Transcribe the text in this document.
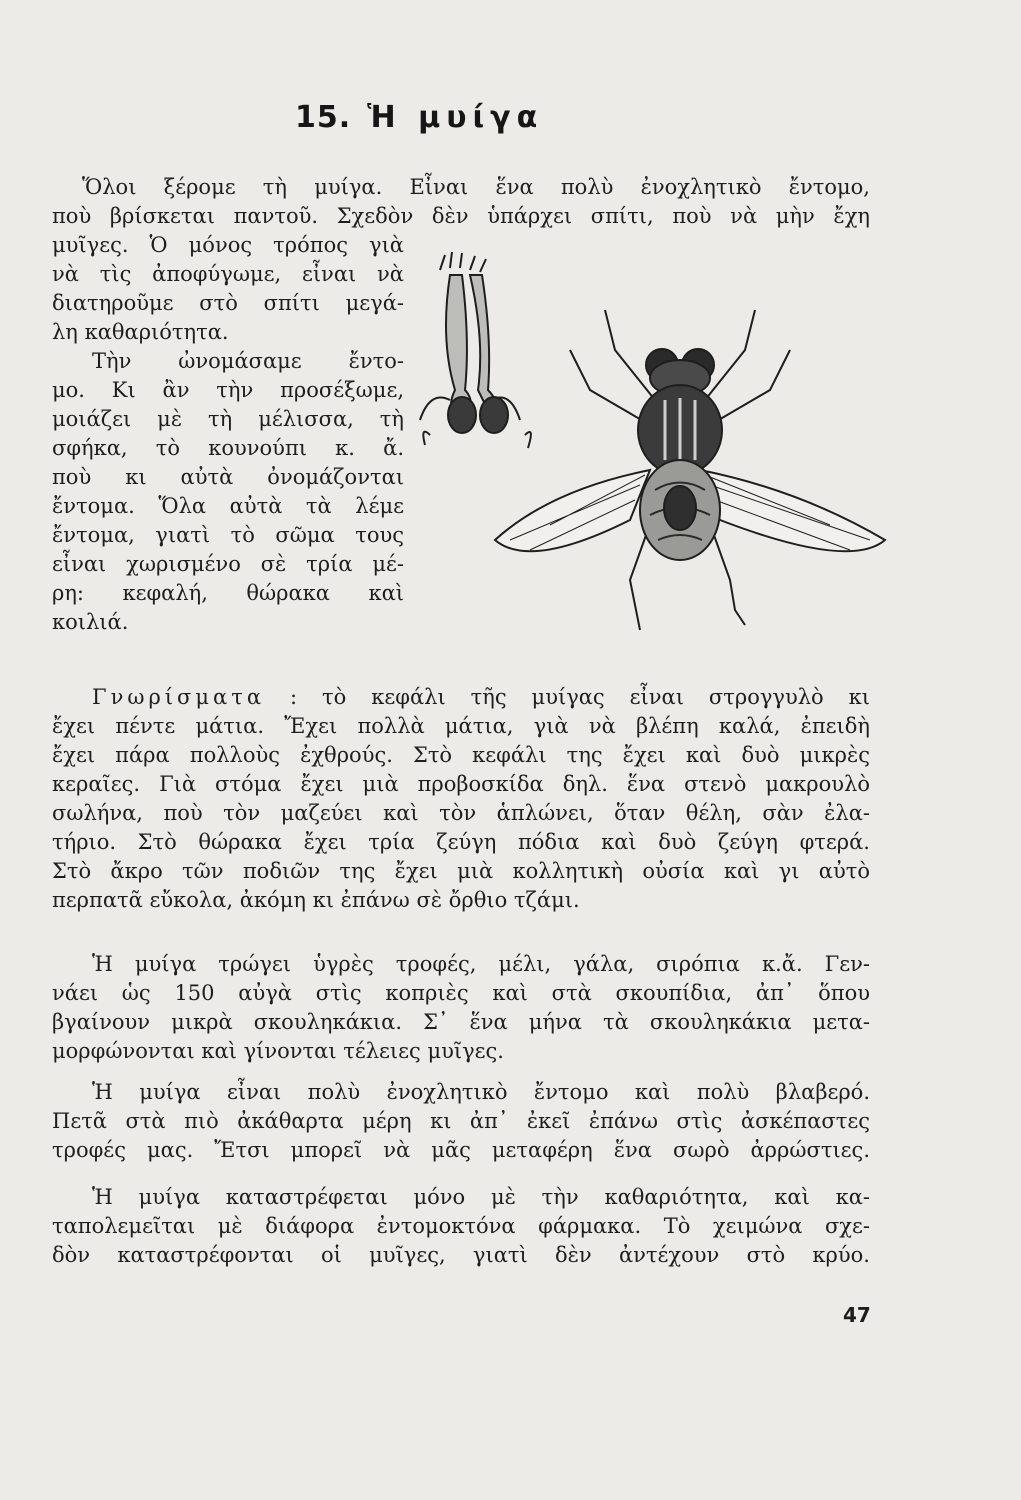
15. Ἡ μυίγα
Ὅλοι ξέρομε τὴ μυίγα. Εἶναι ἕνα πολὺ ἐνοχλητικὸ ἔντομο,
ποὺ βρίσκεται παντοῦ. Σχεδὸν δὲν ὑπάρχει σπίτι, ποὺ νὰ μὴν ἔχη
μυῖγες. Ὁ μόνος τρόπος γιὰ
νὰ τὶς ἀποφύγωμε, εἶναι νὰ
διατηροῦμε στὸ σπίτι μεγά-
λη καθαριότητα.
Τὴν ὠνομάσαμε ἔντο-
μο. Κι ἂν τὴν προσέξωμε,
μοιάζει μὲ τὴ μέλισσα, τὴ
σφήκα, τὸ κουνούπι κ. ἄ.
ποὺ κι αὐτὰ ὀνομάζονται
ἔντομα. Ὅλα αὐτὰ τὰ λέμε
ἔντομα, γιατὶ τὸ σῶμα τους
εἶναι χωρισμένο σὲ τρία μέ-
ρη: κεφαλή, θώρακα καὶ
κοιλιά.
Γνωρίσματα : τὸ κεφάλι τῆς μυίγας εἶναι στρογγυλὸ κι
ἔχει πέντε μάτια. Ἔχει πολλὰ μάτια, γιὰ νὰ βλέπη καλά, ἐπειδὴ
ἔχει πάρα πολλοὺς ἐχθρούς. Στὸ κεφάλι της ἔχει καὶ δυὸ μικρὲς
κεραῖες. Γιὰ στόμα ἔχει μιὰ προβοσκίδα δηλ. ἕνα στενὸ μακρουλὸ
σωλήνα, ποὺ τὸν μαζεύει καὶ τὸν ἁπλώνει, ὅταν θέλη, σὰν ἐλα-
τήριο. Στὸ θώρακα ἔχει τρία ζεύγη πόδια καὶ δυὸ ζεύγη φτερά.
Στὸ ἄκρο τῶν ποδιῶν της ἔχει μιὰ κολλητικὴ οὐσία καὶ γι αὐτὸ
περπατᾶ εὔκολα, ἀκόμη κι ἐπάνω σὲ ὄρθιο τζάμι.
Ἡ μυίγα τρώγει ὑγρὲς τροφές, μέλι, γάλα, σιρόπια κ.ἄ. Γεν-
νάει ὡς 150 αὐγὰ στὶς κοπριὲς καὶ στὰ σκουπίδια, ἀπ᾽ ὅπου
βγαίνουν μικρὰ σκουληκάκια. Σ᾽ ἕνα μήνα τὰ σκουληκάκια μετα-
μορφώνονται καὶ γίνονται τέλειες μυῖγες.
Ἡ μυίγα εἶναι πολὺ ἐνοχλητικὸ ἔντομο καὶ πολὺ βλαβερό.
Πετᾶ στὰ πιὸ ἀκάθαρτα μέρη κι ἀπ᾽ ἐκεῖ ἐπάνω στὶς ἀσκέπαστες
τροφές μας. Ἔτσι μπορεῖ νὰ μᾶς μεταφέρη ἕνα σωρὸ ἀρρώστιες.
Ἡ μυίγα καταστρέφεται μόνο μὲ τὴν καθαριότητα, καὶ κα-
ταπολεμεῖται μὲ διάφορα ἐντομοκτόνα φάρμακα. Τὸ χειμώνα σχε-
δὸν καταστρέφονται οἱ μυῖγες, γιατὶ δὲν ἀντέχουν στὸ κρύο.
47
